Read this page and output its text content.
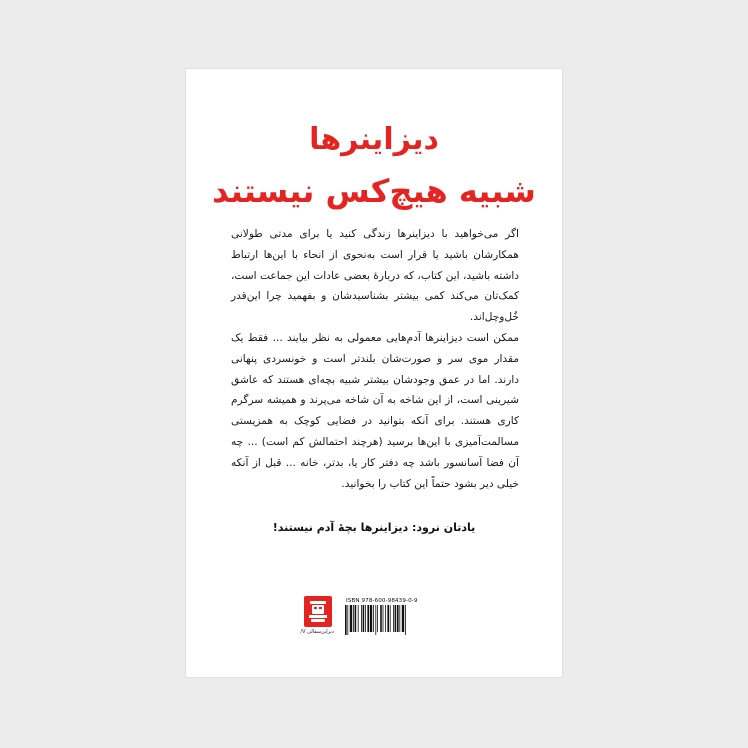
دیزاینرها
شبیه هیچ‌کس نیستند

اگر می‌خواهید با دیزاینرها زندگی کنید یا برای مدتی طولانی همکارشان باشید یا قرار است به‌نحوی از انحاء با این‌ها ارتباط داشته باشید، این کتاب، که دربارۀ بعضی عادات این جماعت است، کمک‌تان می‌کند کمی بیشتر بشناسیدشان و بفهمید چرا این‌قدر خُل‌وچل‌اند.

ممکن است دیزاینرها آدم‌هایی معمولی به نظر بیایند ... فقط یک مقدار موی سر و صورت‌شان بلندتر است و خونسردی پنهانی دارند. اما در عمق وجودشان بیشتر شبیه بچه‌ای هستند که عاشق شیرینی است، از این شاخه به آن شاخه می‌پرند و همیشه سرگرم کاری هستند. برای آنکه بتوانید در فضایی کوچک به همزیستی مسالمت‌آمیزی با این‌ها برسید (هرچند احتمالش کم است) ... چه آن فضا آسانسور باشد چه دفتر کار یا، بدتر، خانه ... قبل از آنکه خیلی دیر بشود حتماً این کتاب را بخوانید.

یادتان نرود: دیزاینرها بچۀ آدم نیستند!
دیزاین‌سفالی V/
ISBN 978-600-98439-0-9
